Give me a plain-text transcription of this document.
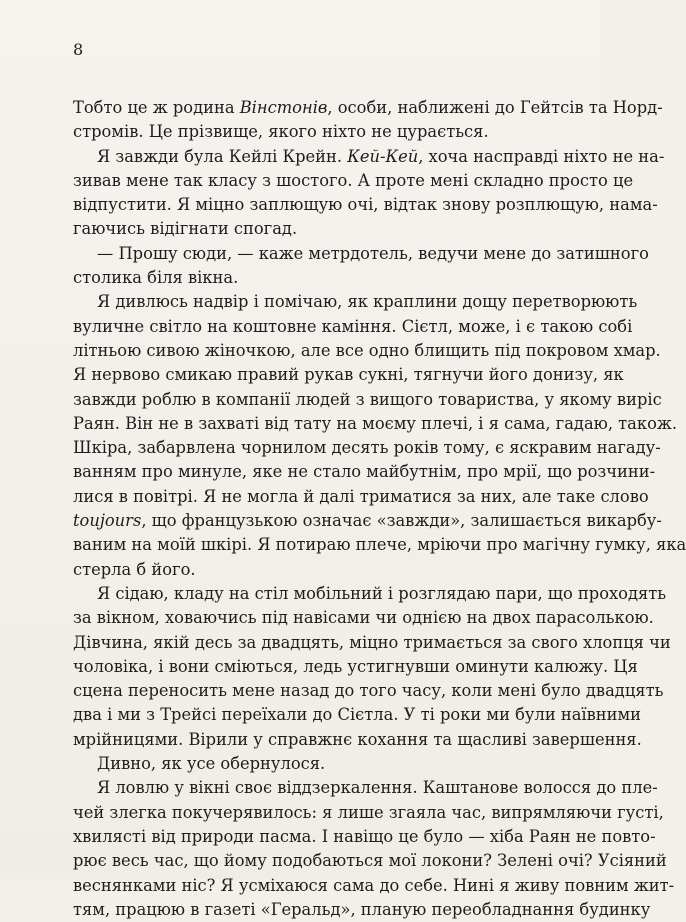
8
Тобто це ж родина Вінстонів, особи, наближені до Гейтсів та Норд-
стромів. Це прізвище, якого ніхто не цурається.
Я завжди була Кейлі Крейн. Кей-Кей, хоча насправді ніхто не на-
зивав мене так класу з шостого. А проте мені складно просто це
відпустити. Я міцно заплющую очі, відтак знову розплющую, нама-
гаючись відігнати спогад.
— Прошу сюди, — каже метрдотель, ведучи мене до затишного
столика біля вікна.
Я дивлюсь надвір і помічаю, як краплини дощу перетворюють
вуличне світло на коштовне каміння. Сієтл, може, і є такою собі
літньою сивою жіночкою, але все одно блищить під покровом хмар.
Я нервово смикаю правий рукав сукні, тягнучи його донизу, як
завжди роблю в компанії людей з вищого товариства, у якому виріс
Раян. Він не в захваті від тату на моєму плечі, і я сама, гадаю, також.
Шкіра, забарвлена чорнилом десять років тому, є яскравим нагаду-
ванням про минуле, яке не стало майбутнім, про мрії, що розчини-
лися в повітрі. Я не могла й далі триматися за них, але таке слово
toujours, що французькою означає «завжди», залишається викарбу-
ваним на моїй шкірі. Я потираю плече, мріючи про магічну гумку, яка
стерла б його.
Я сідаю, кладу на стіл мобільний і розглядаю пари, що проходять
за вікном, ховаючись під навісами чи однією на двох парасолькою.
Дівчина, якій десь за двадцять, міцно тримається за свого хлопця чи
чоловіка, і вони сміються, ледь устигнувши оминути калюжу. Ця
сцена переносить мене назад до того часу, коли мені було двадцять
два і ми з Трейсі переїхали до Сієтла. У ті роки ми були наївними
мрійницями. Вірили у справжнє кохання та щасливі завершення.
Дивно, як усе обернулося.
Я ловлю у вікні своє віддзеркалення. Каштанове волосся до пле-
чей злегка покучерявилось: я лише згаяла час, випрямляючи густі,
хвилясті від природи пасма. І навіщо це було — хіба Раян не повто-
рює весь час, що йому подобаються мої локони? Зелені очі? Усіяний
веснянками ніс? Я усміхаюся сама до себе. Нині я живу повним жит-
тям, працюю в газеті «Геральд», планую переобладнання будинку
